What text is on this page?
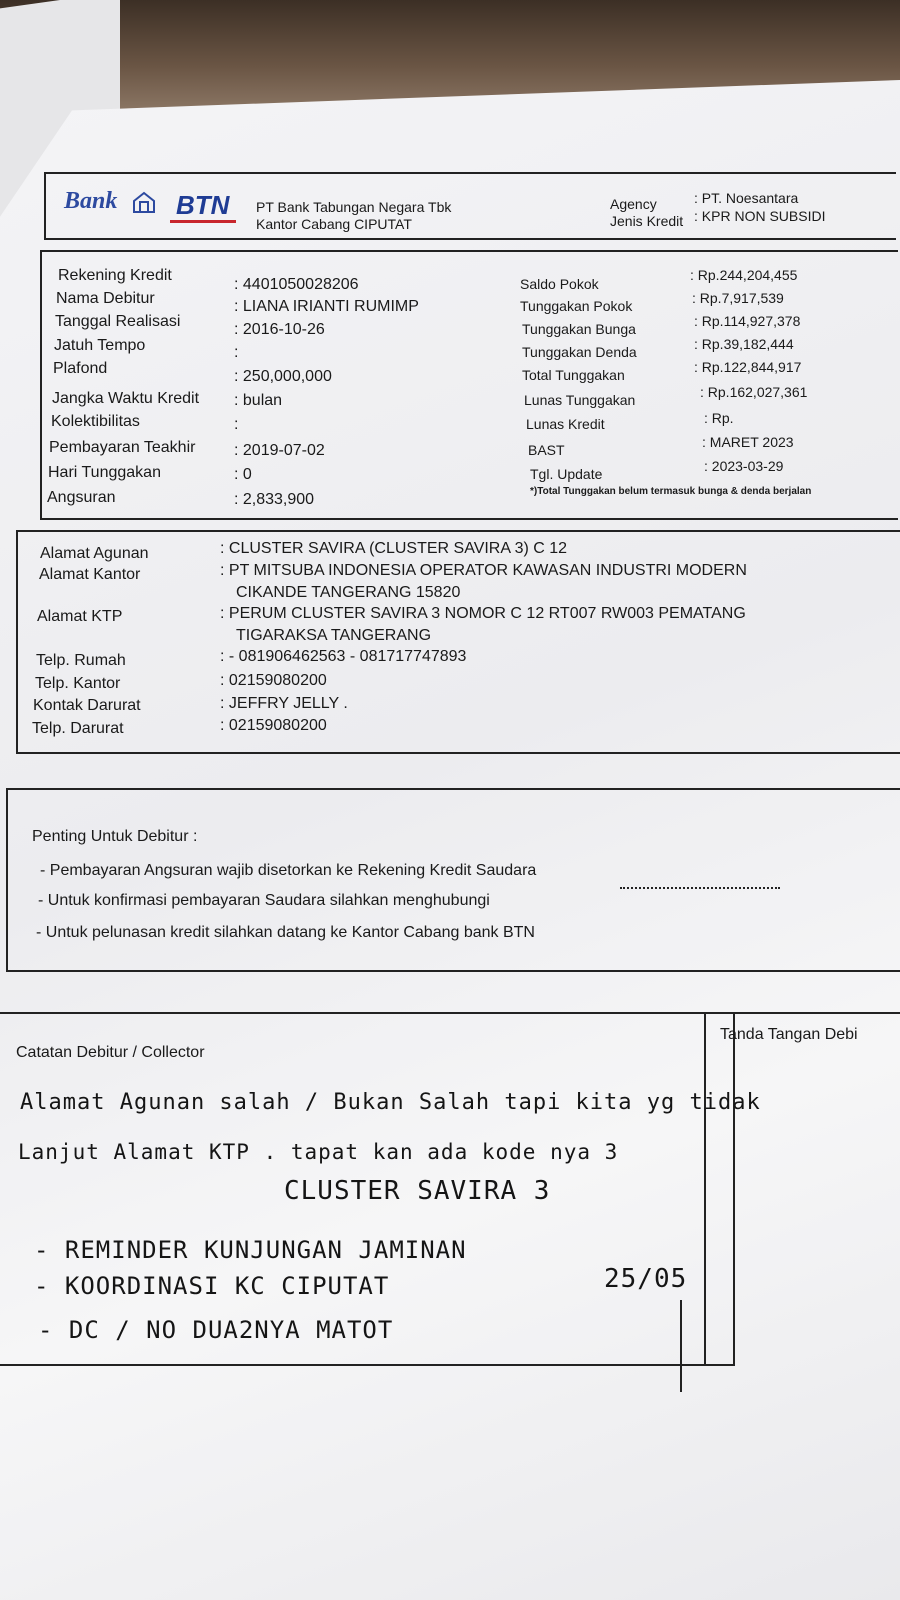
Bank BTN PT Bank Tabungan Negara Tbk
Kantor Cabang CIPUTAT
Agency	: PT. Noesantara
Jenis Kredit : KPR NON SUBSIDI
Rekening Kredit
: 4401050028206
Nama Debitur	: LIANA IRIANTI RUMIMP
Tanggal Realisasi	: 2016-10-26
Jatuh Tempo	:
Plafond	: 250,000,000
Jangka Waktu Kredit : bulan
Kolektibilitas	:
Pembayaran Teakhir : 2019-07-02
Hari Tunggakan	: 0
Angsuran	: 2,833,900
Saldo Pokok
: Rp.244,204,455
Tunggakan Pokok	: Rp.7,917,539
Tunggakan Bunga	: Rp.114,927,378
Tunggakan Denda	: Rp.39,182,444
Total Tunggakan	: Rp.122,844,917
Lunas Tunggakan	: Rp.162,027,361
Lunas Kredit	: Rp.
BAST	: MARET 2023
Tgl. Update	: 2023-03-29
*)Total Tunggakan belum termasuk bunga & denda berjalan
Alamat Agunan	: CLUSTER SAVIRA (CLUSTER SAVIRA 3) C 12
Alamat Kantor	: PT MITSUBA INDONESIA OPERATOR KAWASAN INDUSTRI MODERN
CIKANDE TANGERANG 15820
Alamat KTP	: PERUM CLUSTER SAVIRA 3 NOMOR C 12 RT007 RW003 PEMATANG
TIGARAKSA TANGERANG
Telp. Rumah	: - 081906462563 - 081717747893
Telp. Kantor	: 02159080200
Kontak Darurat	: JEFFRY JELLY .
Telp. Darurat	: 02159080200
Penting Untuk Debitur :
- Pembayaran Angsuran wajib disetorkan ke Rekening Kredit Saudara
- Untuk konfirmasi pembayaran Saudara silahkan menghubungi
- Untuk pelunasan kredit silahkan datang ke Kantor Cabang bank BTN
Catatan Debitur / Collector
Tanda Tangan Debi
Alamat Agunan salah / Bukan Salah tapi kita yg tidak
Lanjut Alamat KTP . tapat kan ada kode nya 3
CLUSTER SAVIRA 3
- REMINDER KUNJUNGAN JAMINAN
- KOORDINASI KC CIPUTAT
- DC / NO DUA2NYA MATOT
25/05
